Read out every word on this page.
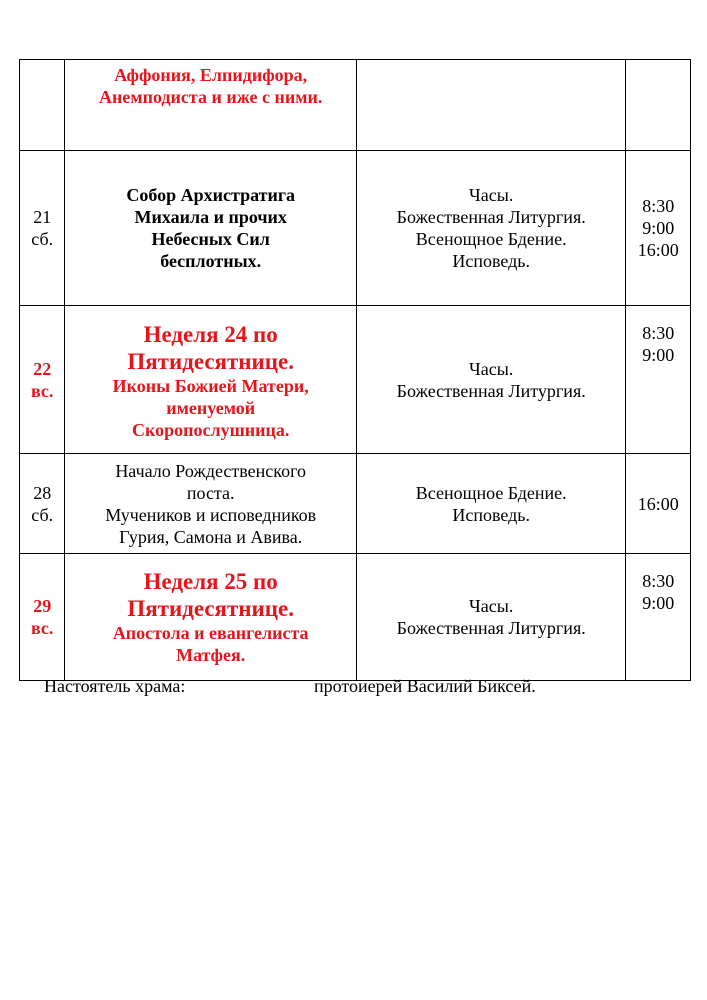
	Аффония, Елпидифора,
Анемподиста и иже с ними.		

21
сб.	Собор Архистратига
Михаила и прочих
Небесных Сил
бесплотных.	Часы.
Божественная Литургия.
Всенощное Бдение.
Исповедь.	8:30
9:00
16:00

22
вс.	Неделя 24 по
Пятидесятнице.
Иконы Божией Матери,
именуемой
Скоропослушница.	Часы.
Божественная Литургия.	8:30
9:00

28
сб.	Начало Рождественского
поста.
Мучеников и исповедников
Гурия, Самона и Авива.	Всенощное Бдение.
Исповедь.	16:00

29
вс.	Неделя 25 по
Пятидесятнице.
Апостола и евангелиста
Матфея.	Часы.
Божественная Литургия.	8:30
9:00
Настоятель храма:	протоиерей Василий Биксей.
